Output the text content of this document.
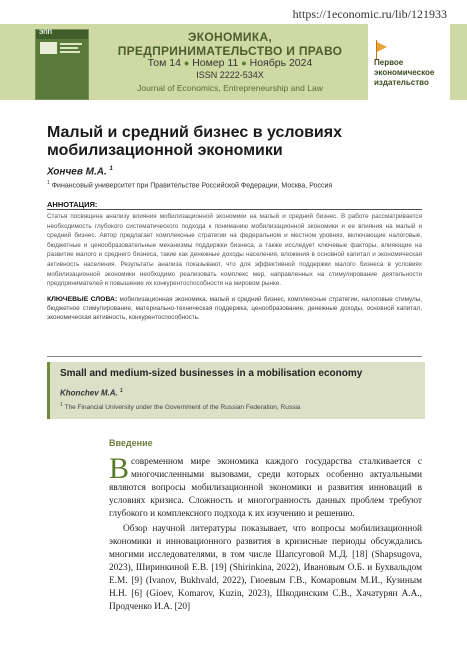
https://1economic.ru/lib/121933
ЭПП	ЭКОНОМИКА,
ПРЕДПРИНИМАТЕЛЬСТВО И ПРАВО
Том 14 ● Номер 11 ● Ноябрь 2024
ISSN 2222-534X
Journal of Economics, Entrepreneurship and Law
Первое
экономическое
издательство
Малый и средний бизнес в условиях мобилизационной экономики
Хончев М.А. $^1$
$^1$ Финансовый университет при Правительстве Российской Федерации, Москва, Россия
АННОТАЦИЯ:
Статья посвящена анализу влияния мобилизационной экономики на малый и средний бизнес. В работе рассматривается необходимость глубокого систематического подхода к пониманию мобилизационной экономики и ее влияния на малый и средний бизнес. Автор предлагает комплексные стратегии на федеральном и местном уровнях, включающие налоговые, бюджетные и ценообразовательные механизмы поддержки бизнеса, а также исследует ключевые факторы, влияющие на развитие малого и среднего бизнеса, такие как денежные доходы населения, вложения в основной капитал и экономическая активность населения. Результаты анализа показывают, что для эффективной поддержки малого бизнеса в условиях мобилизационной экономики необходимо реализовать комплекс мер, направленных на стимулирование деятельности предпринимателей и повышение их конкурентоспособности на мировом рынке.
КЛЮЧЕВЫЕ СЛОВА: мобилизационная экономика, малый и средний бизнес, комплексные стратегии, налоговые стимулы, бюджетное стимулирование, материально-техническая поддержка, ценообразование, денежные доходы, основной капитал, экономическая активность, конкурентоспособность.
Small and medium-sized businesses in a mobilisation economy
Khonchev M.A. $^1$
$^1$ The Financial University under the Government of the Russian Federation, Russia
Введение

Всовременном мире экономика каждого государства сталкивается с многочисленными вызовами, среди которых особенно актуальными являются вопросы мобилизационной экономики и развития инноваций в условиях кризиса. Сложность и многогранность данных проблем требуют глубокого и комплексного подхода к их изучению и решению.

Обзор научной литературы показывает, что вопросы мобилизационной экономики и инновационного развития в кризисные периоды обсуждались многими исследователями, в том числе Шапсуговой М.Д. [18] (Shapsugova, 2023), Ширинкиной Е.В. [19] (Shirinkina, 2022), Ивановым О.Б. и Бухвальдом Е.М. [9] (Ivanov, Bukhvald, 2022), Гиоевым Г.В., Комаровым М.И., Кузиным Н.Н. [6] (Gioev, Komarov, Kuzin, 2023), Шкодинским С.В., Хачатурян А.А., Продченко И.А. [20]
